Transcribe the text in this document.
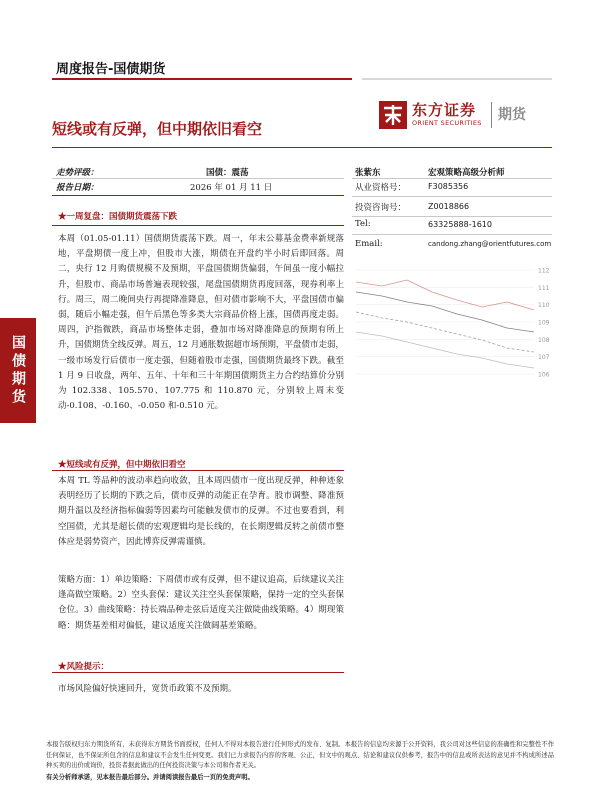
周度报告-国债期货
东方证券
ORIENT SECURITIES 期货
短线或有反弹，但中期依旧看空
国债期货
走势评级：	国债：震荡
报告日期：	2026 年 01 月 11 日
张紫东	宏观策略高级分析师
从业资格号：	F3085356
投资咨询号：	Z0018866
Tel:	63325888-1610
Email:	candong.zhang@orientfutures.com
112
111
110
109
108
107
106
★一周复盘：国债期货震荡下跌
本周（01.05-01.11）国债期货震荡下跌。周一，年末公募基金费率新规落地，平盘期债一度上冲，但股市大涨，期债在开盘约半小时后即回落。周二，央行 12 月购债规模不及预期，平盘国债期货偏弱，午间虽一度小幅拉升，但股市、商品市场普遍表现较强，尾盘国债期货再度回落，现券利率上行。周三，周二晚间央行再提降准降息，但对债市影响不大，平盘国债市偏弱，随后小幅走强，但午后黑色等多类大宗商品价格上涨，国债再度走弱。周四，沪指微跌，商品市场整体走弱，叠加市场对降准降息的预期有所上升，国债期货全线反弹。周五，12 月通胀数据超市场预期，平盘债市走弱，一级市场发行后债市一度走强，但随着股市走强，国债期货最终下跌。截至 1 月 9 日收盘，两年、五年、十年和三十年期国债期货主力合约结算价分别为 102.338、105.570、107.775 和 110.870 元，分别较上周末变动-0.108、-0.160、-0.050 和-0.510 元。
★短线或有反弹，但中期依旧看空
本周 TL 等品种的波动率趋向收敛，且本周四债市一度出现反弹，种种迹象表明经历了长期的下跌之后，债市反弹的动能正在孕育。股市调整、降准预期升温以及经济指标偏弱等因素均可能触发债市的反弹。不过也要看到，利空国债，尤其是超长债的宏观逻辑均是长线的，在长期逻辑反转之前债市整体应是弱势资产，因此博弈反弹需谨慎。
策略方面：1）单边策略：下周债市或有反弹，但不建议追高，后续建议关注逢高做空策略。2）空头套保：建议关注空头套保策略，保持一定的空头套保仓位。3）曲线策略：持长端品种走弦后适度关注做陡曲线策略。4）期现策略：期货基差相对偏低，建议适度关注做阔基差策略。
★风险提示：
市场风险偏好快速回升，宽货币政策不及预期。
本报告版权归东方期货所有，未获得东方期货书面授权，任何人不得对本报告进行任何形式的发布、复制。本报告的信息均来源于公开资料，我公司对这些信息的准确性和完整性不作任何保证，也不保证所包含的信息和建议不会发生任何变更。我们已力求报告内容的客观、公正，但文中的观点、结论和建议仅供参考，报告中的信息或所表达的意见并不构成所述品种买卖的出价或询价，投资者据此做出的任何投资决策与本公司和作者无关。
有关分析师承诺，见本报告最后部分。并请阅读报告最后一页的免责声明。
